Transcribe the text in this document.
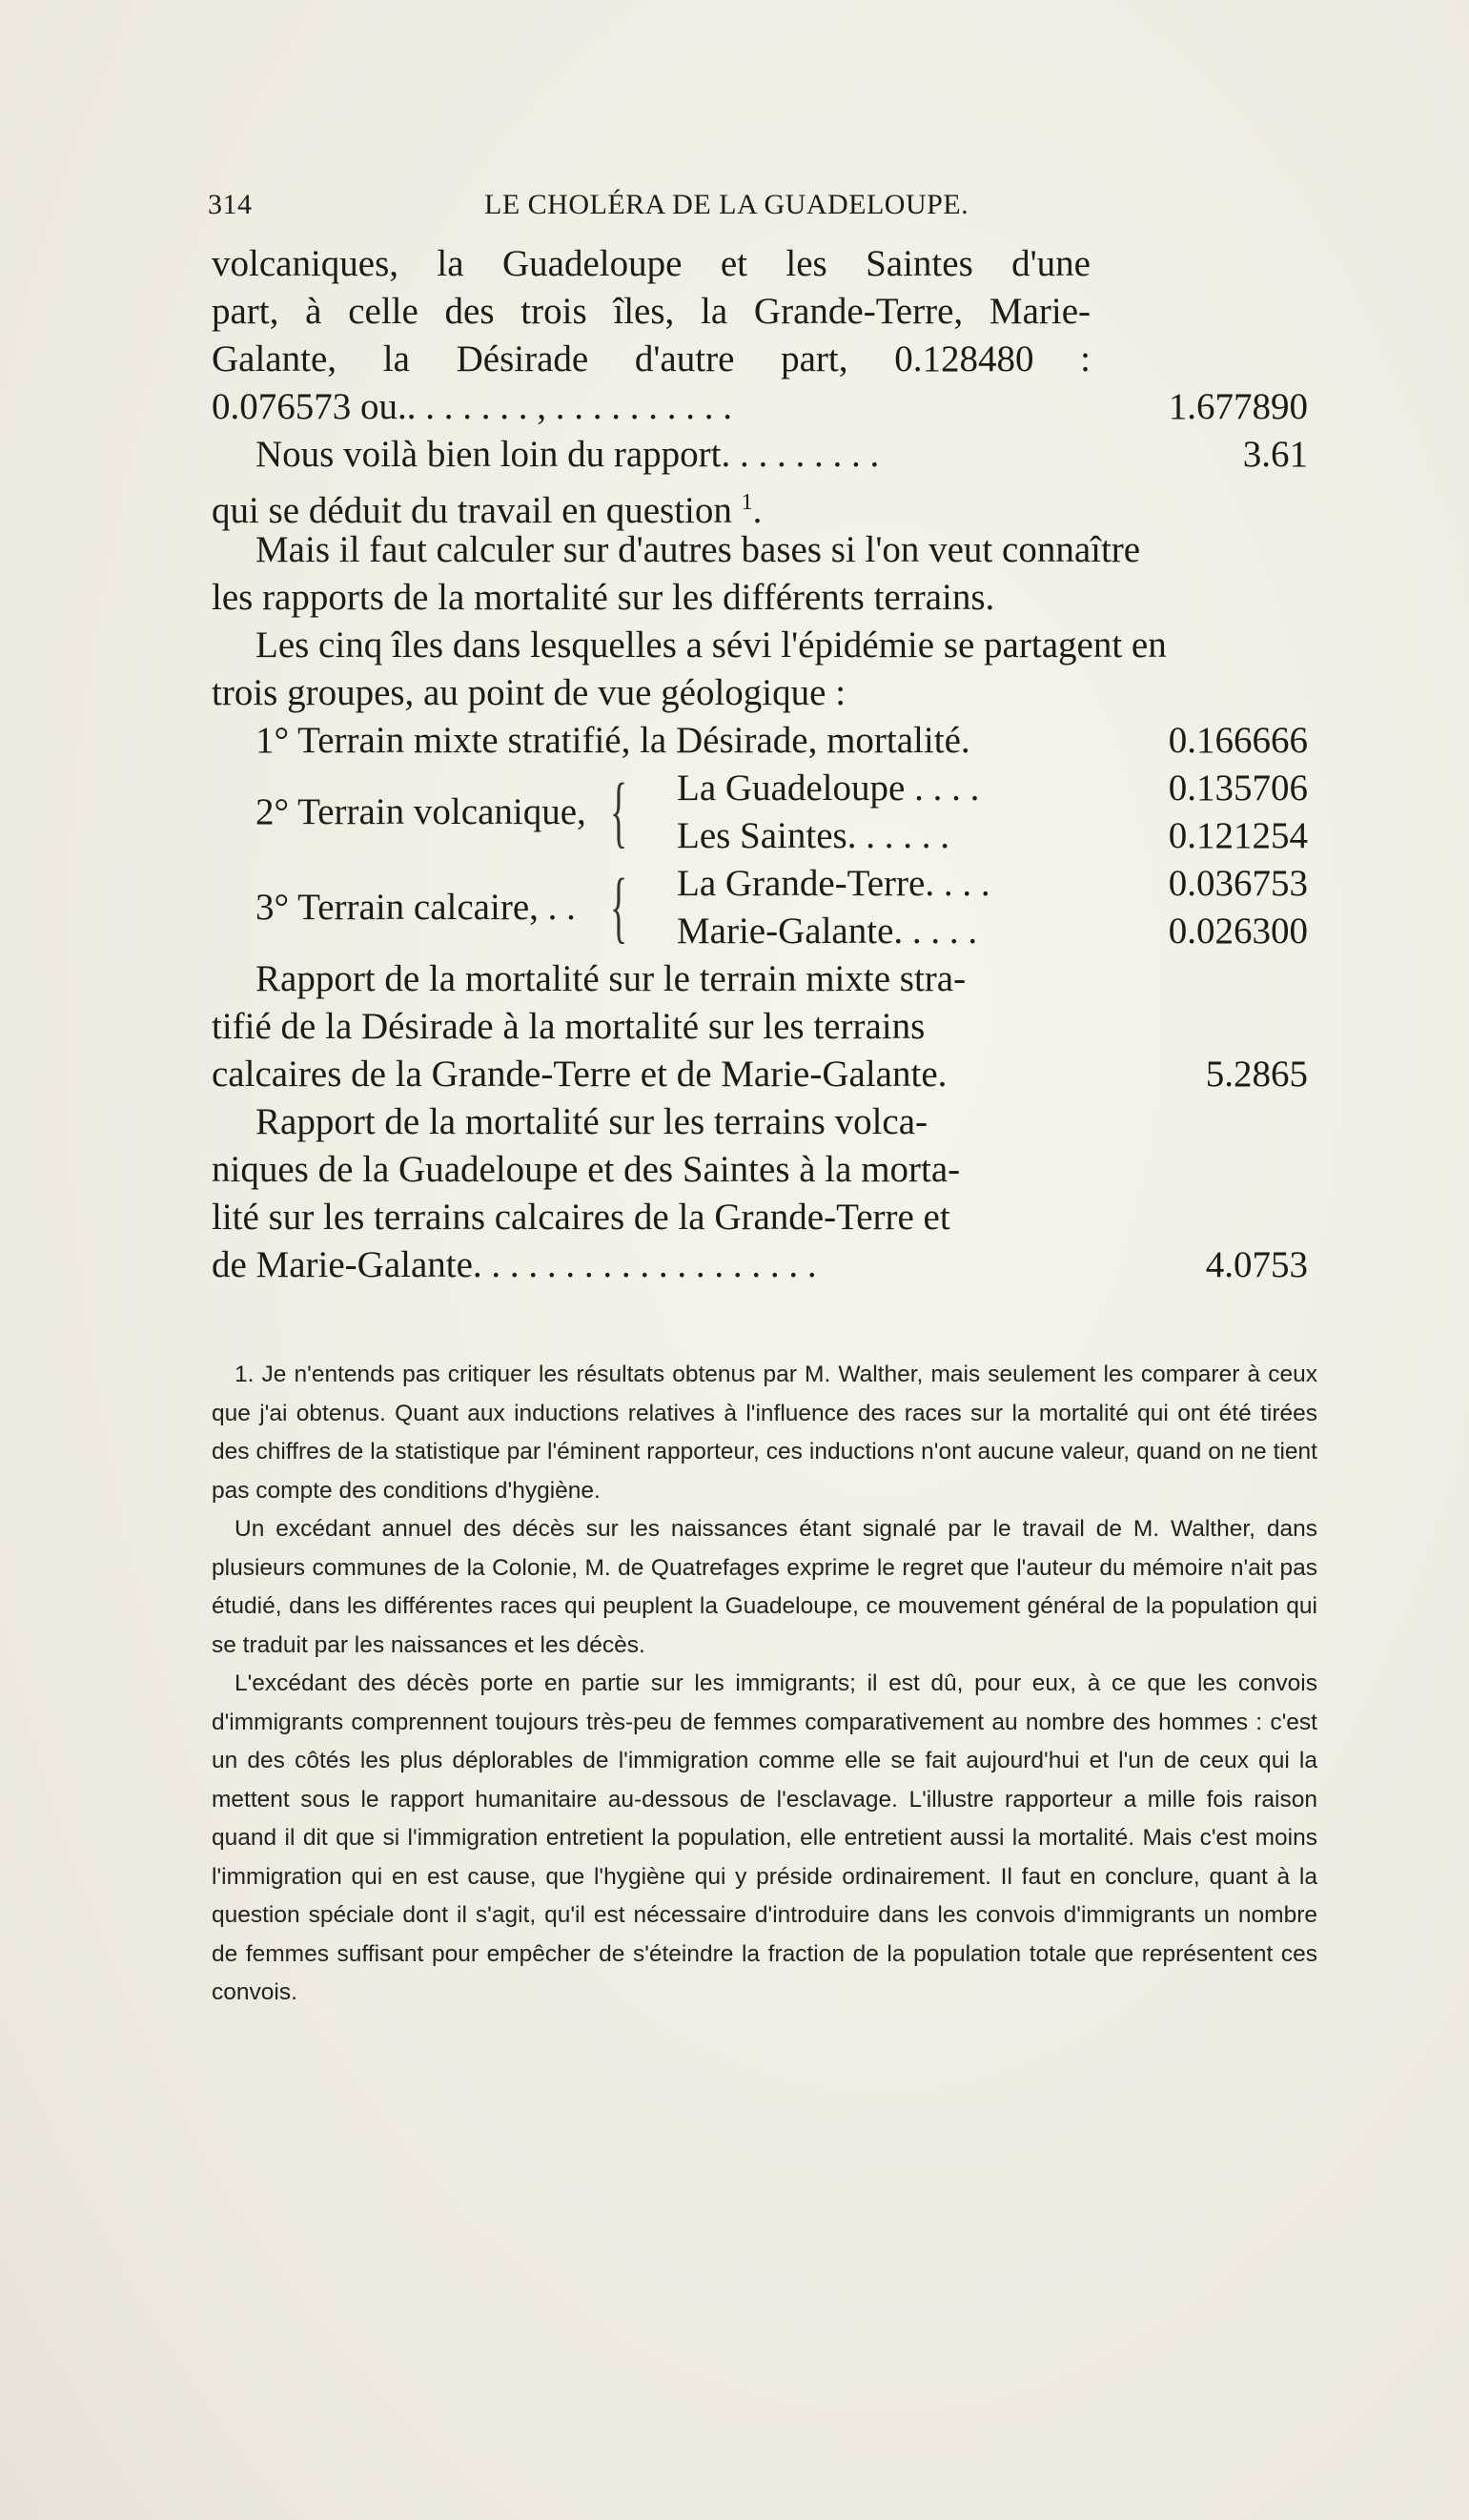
314	LE CHOLÉRA DE LA GUADELOUPE.
volcaniques, la Guadeloupe et les Saintes d'une
part, à celle des trois îles, la Grande-Terre, Marie-
Galante, la Désirade d'autre part, 0.128480 :
0.076573 ou.. . . . . . . , . . . . . . . . . .	1.677890
Nous voilà bien loin du rapport. . . . . . . . .	3.61
qui se déduit du travail en question $^1$.
Mais il faut calculer sur d'autres bases si l'on veut connaître
les rapports de la mortalité sur les différents terrains.
Les cinq îles dans lesquelles a sévi l'épidémie se partagent en
trois groupes, au point de vue géologique :
1° Terrain mixte stratifié, la Désirade, mortalité.	0.166666
2° Terrain volcanique, { La Guadeloupe . . . .	0.135706
Les Saintes. . . . . .	0.121254
3° Terrain calcaire, . . { La Grande-Terre. . . .	0.036753
Marie-Galante. . . . .	0.026300
Rapport de la mortalité sur le terrain mixte stra-
tifié de la Désirade à la mortalité sur les terrains
calcaires de la Grande-Terre et de Marie-Galante.	5.2865
Rapport de la mortalité sur les terrains volca-
niques de la Guadeloupe et des Saintes à la morta-
lité sur les terrains calcaires de la Grande-Terre et
de Marie-Galante. . . . . . . . . . . . . . . . . . .	4.0753

1. Je n'entends pas critiquer les résultats obtenus par M. Walther, mais seulement les comparer à ceux que j'ai obtenus. Quant aux inductions relatives à l'influence des races sur la mortalité qui ont été tirées des chiffres de la statistique par l'éminent rapporteur, ces inductions n'ont aucune valeur, quand on ne tient pas compte des conditions d'hygiène.

Un excédant annuel des décès sur les naissances étant signalé par le travail de M. Walther, dans plusieurs communes de la Colonie, M. de Quatrefages exprime le regret que l'auteur du mémoire n'ait pas étudié, dans les différentes races qui peuplent la Guadeloupe, ce mouvement général de la population qui se traduit par les naissances et les décès.

L'excédant des décès porte en partie sur les immigrants; il est dû, pour eux, à ce que les convois d'immigrants comprennent toujours très-peu de femmes comparativement au nombre des hommes : c'est un des côtés les plus déplorables de l'immigration comme elle se fait aujourd'hui et l'un de ceux qui la mettent sous le rapport humanitaire au-dessous de l'esclavage. L'illustre rapporteur a mille fois raison quand il dit que si l'immigration entretient la population, elle entretient aussi la mortalité. Mais c'est moins l'immigration qui en est cause, que l'hygiène qui y préside ordinairement. Il faut en conclure, quant à la question spéciale dont il s'agit, qu'il est nécessaire d'introduire dans les convois d'immigrants un nombre de femmes suffisant pour empêcher de s'éteindre la fraction de la population totale que représentent ces convois.
